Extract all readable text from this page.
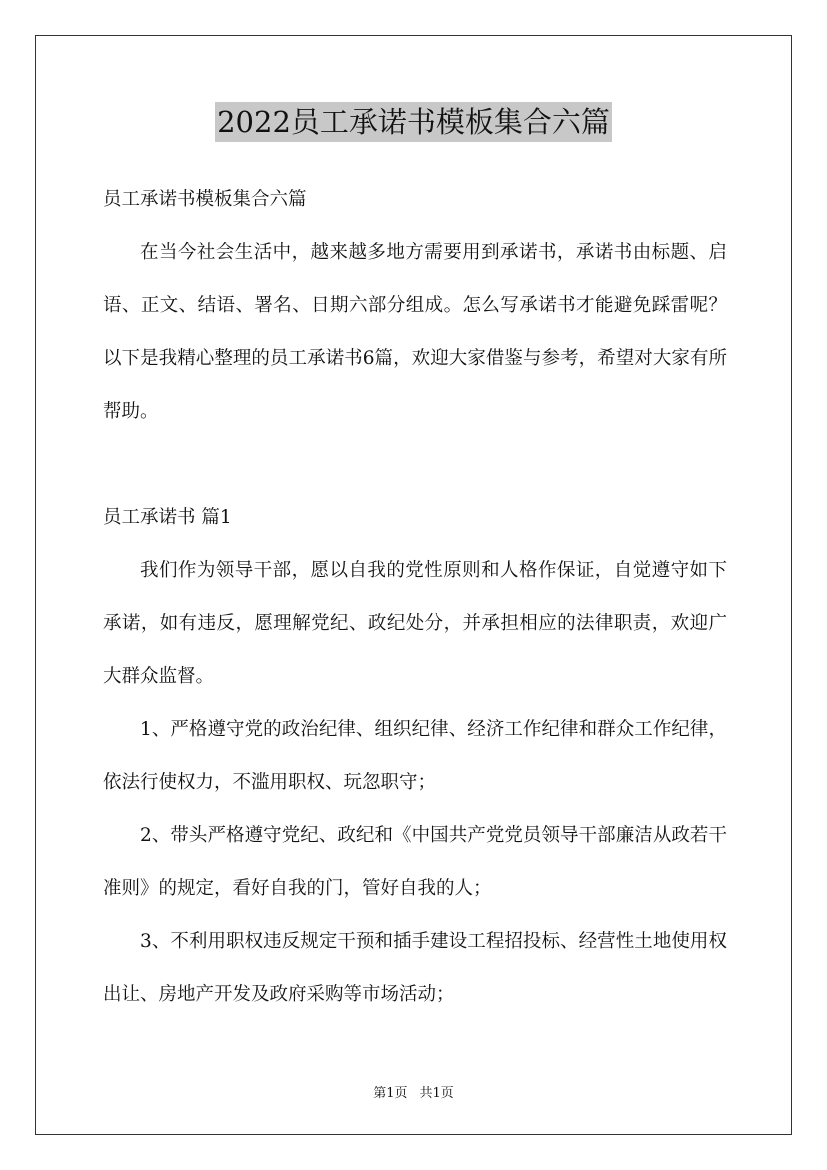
2022员工承诺书模板集合六篇

员工承诺书模板集合六篇

在当今社会生活中，越来越多地方需要用到承诺书，承诺书由标题、启语、正文、结语、署名、日期六部分组成。怎么写承诺书才能避免踩雷呢？以下是我精心整理的员工承诺书6篇，欢迎大家借鉴与参考，希望对大家有所帮助。

员工承诺书 篇1

我们作为领导干部，愿以自我的党性原则和人格作保证，自觉遵守如下承诺，如有违反，愿理解党纪、政纪处分，并承担相应的法律职责，欢迎广大群众监督。

1、严格遵守党的政治纪律、组织纪律、经济工作纪律和群众工作纪律，依法行使权力，不滥用职权、玩忽职守；

2、带头严格遵守党纪、政纪和《中国共产党党员领导干部廉洁从政若干准则》的规定，看好自我的门，管好自我的人；

3、不利用职权违反规定干预和插手建设工程招投标、经营性土地使用权出让、房地产开发及政府采购等市场活动；

第1页 共1页
